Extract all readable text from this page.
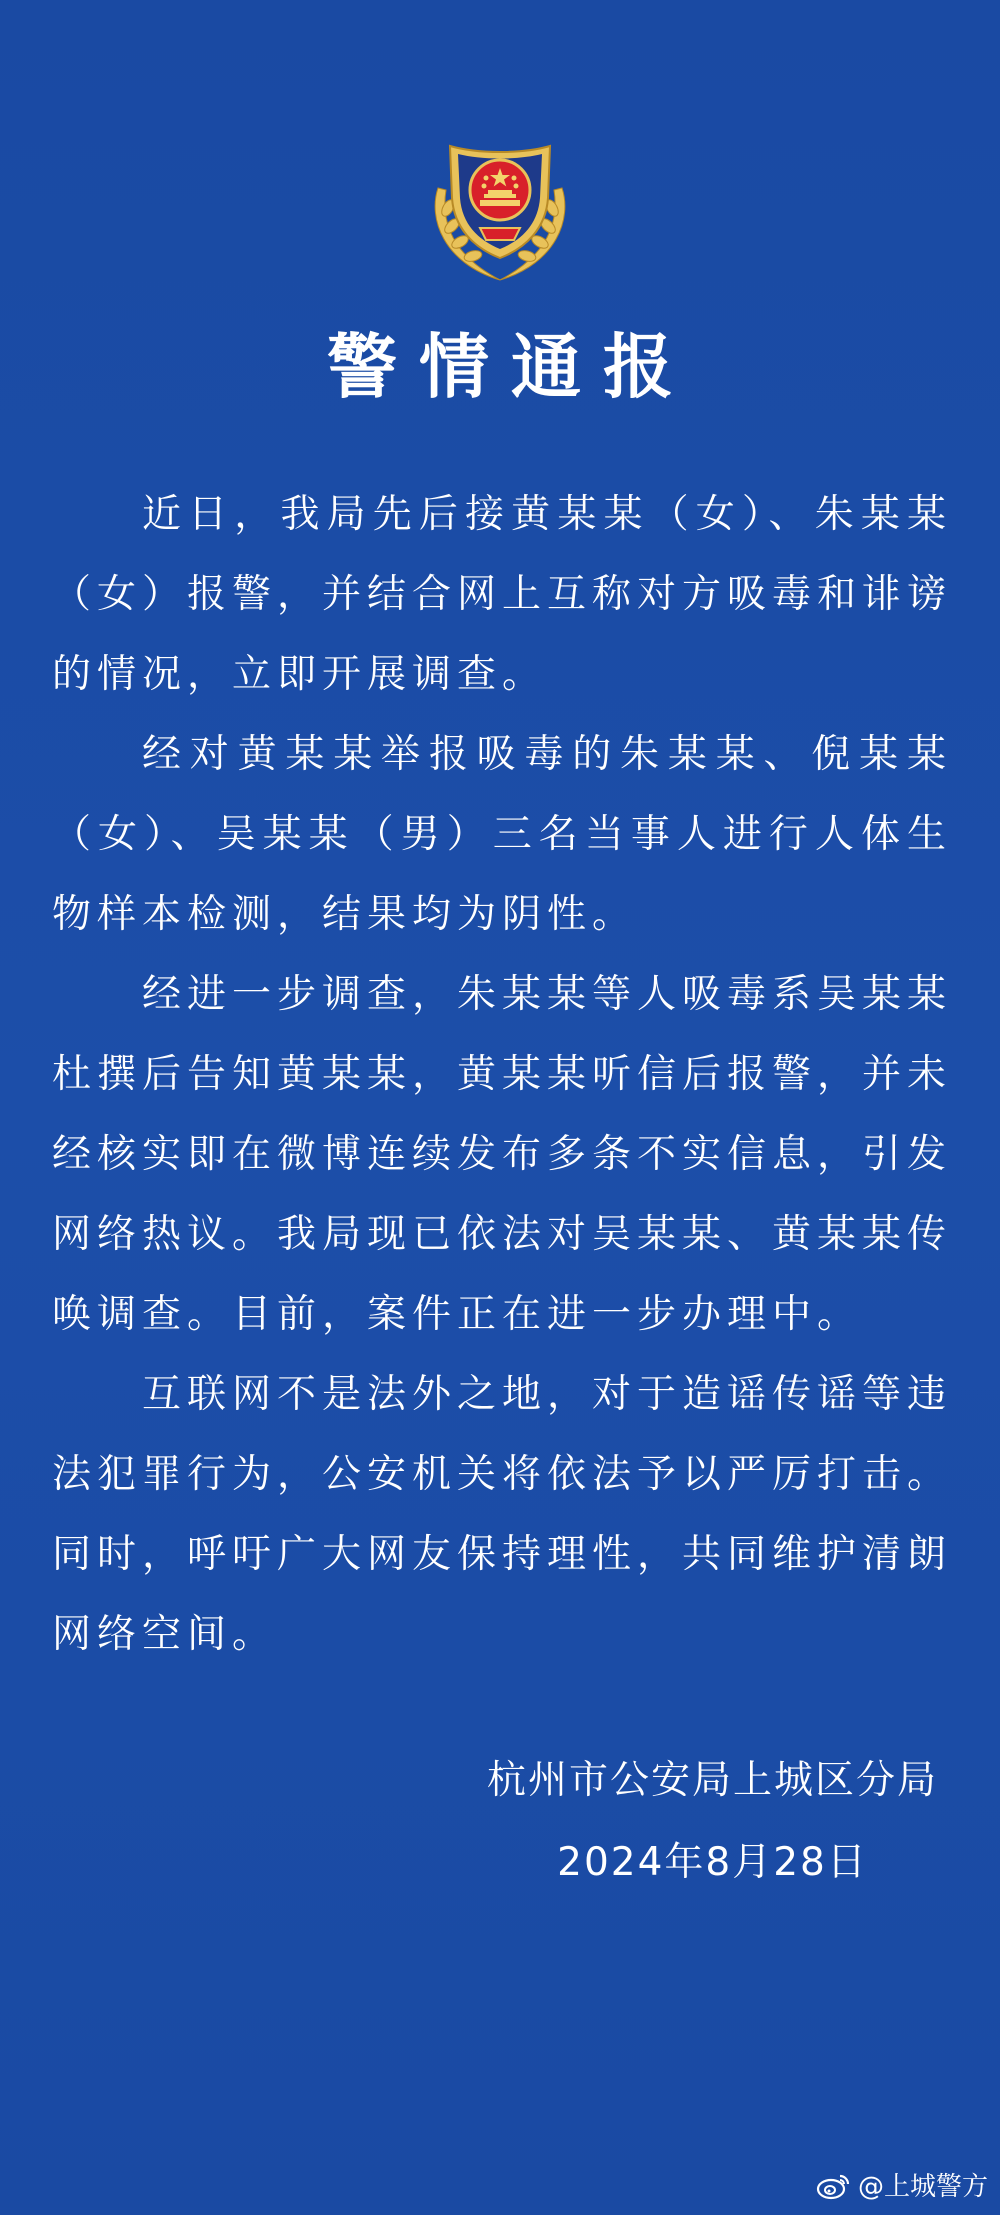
警情通报

近日，我局先后接黄某某（女）、朱某某（女）报警，并结合网上互称对方吸毒和诽谤的情况，立即开展调查。

经对黄某某举报吸毒的朱某某、倪某某（女）、吴某某（男）三名当事人进行人体生物样本检测，结果均为阴性。

经进一步调查，朱某某等人吸毒系吴某某杜撰后告知黄某某，黄某某听信后报警，并未经核实即在微博连续发布多条不实信息，引发网络热议。我局现已依法对吴某某、黄某某传唤调查。目前，案件正在进一步办理中。

互联网不是法外之地，对于造谣传谣等违法犯罪行为，公安机关将依法予以严厉打击。同时，呼吁广大网友保持理性，共同维护清朗网络空间。

杭州市公安局上城区分局
2024年8月28日
@上城警方
